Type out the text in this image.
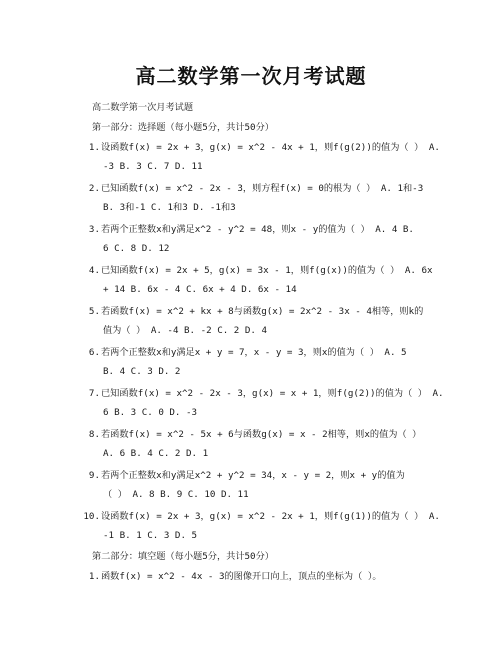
高二数学第一次月考试题
高二数学第一次月考试题
第一部分：选择题（每小题5分，共计50分）
1.设函数f(x) = 2x + 3，g(x) = x^2 - 4x + 1，则f(g(2))的值为（ ） A.
-3 B. 3 C. 7 D. 11
2.已知函数f(x) = x^2 - 2x - 3，则方程f(x) = 0的根为（ ） A. 1和-3
B. 3和-1 C. 1和3 D. -1和3
3.若两个正整数x和y满足x^2 - y^2 = 48，则x - y的值为（ ） A. 4 B.
6 C. 8 D. 12
4.已知函数f(x) = 2x + 5，g(x) = 3x - 1，则f(g(x))的值为（ ） A. 6x
+ 14 B. 6x - 4 C. 6x + 4 D. 6x - 14
5.若函数f(x) = x^2 + kx + 8与函数g(x) = 2x^2 - 3x - 4相等，则k的
值为（ ） A. -4 B. -2 C. 2 D. 4
6.若两个正整数x和y满足x + y = 7，x - y = 3，则x的值为（ ） A. 5
B. 4 C. 3 D. 2
7.已知函数f(x) = x^2 - 2x - 3，g(x) = x + 1，则f(g(2))的值为（ ） A.
6 B. 3 C. 0 D. -3
8.若函数f(x) = x^2 - 5x + 6与函数g(x) = x - 2相等，则x的值为（ ）
A. 6 B. 4 C. 2 D. 1
9.若两个正整数x和y满足x^2 + y^2 = 34，x - y = 2，则x + y的值为
（ ） A. 8 B. 9 C. 10 D. 11
10.设函数f(x) = 2x + 3，g(x) = x^2 - 2x + 1，则f(g(1))的值为（ ） A.
-1 B. 1 C. 3 D. 5
第二部分：填空题（每小题5分，共计50分）
1.函数f(x) = x^2 - 4x - 3的图像开口向上，顶点的坐标为（ ）。
